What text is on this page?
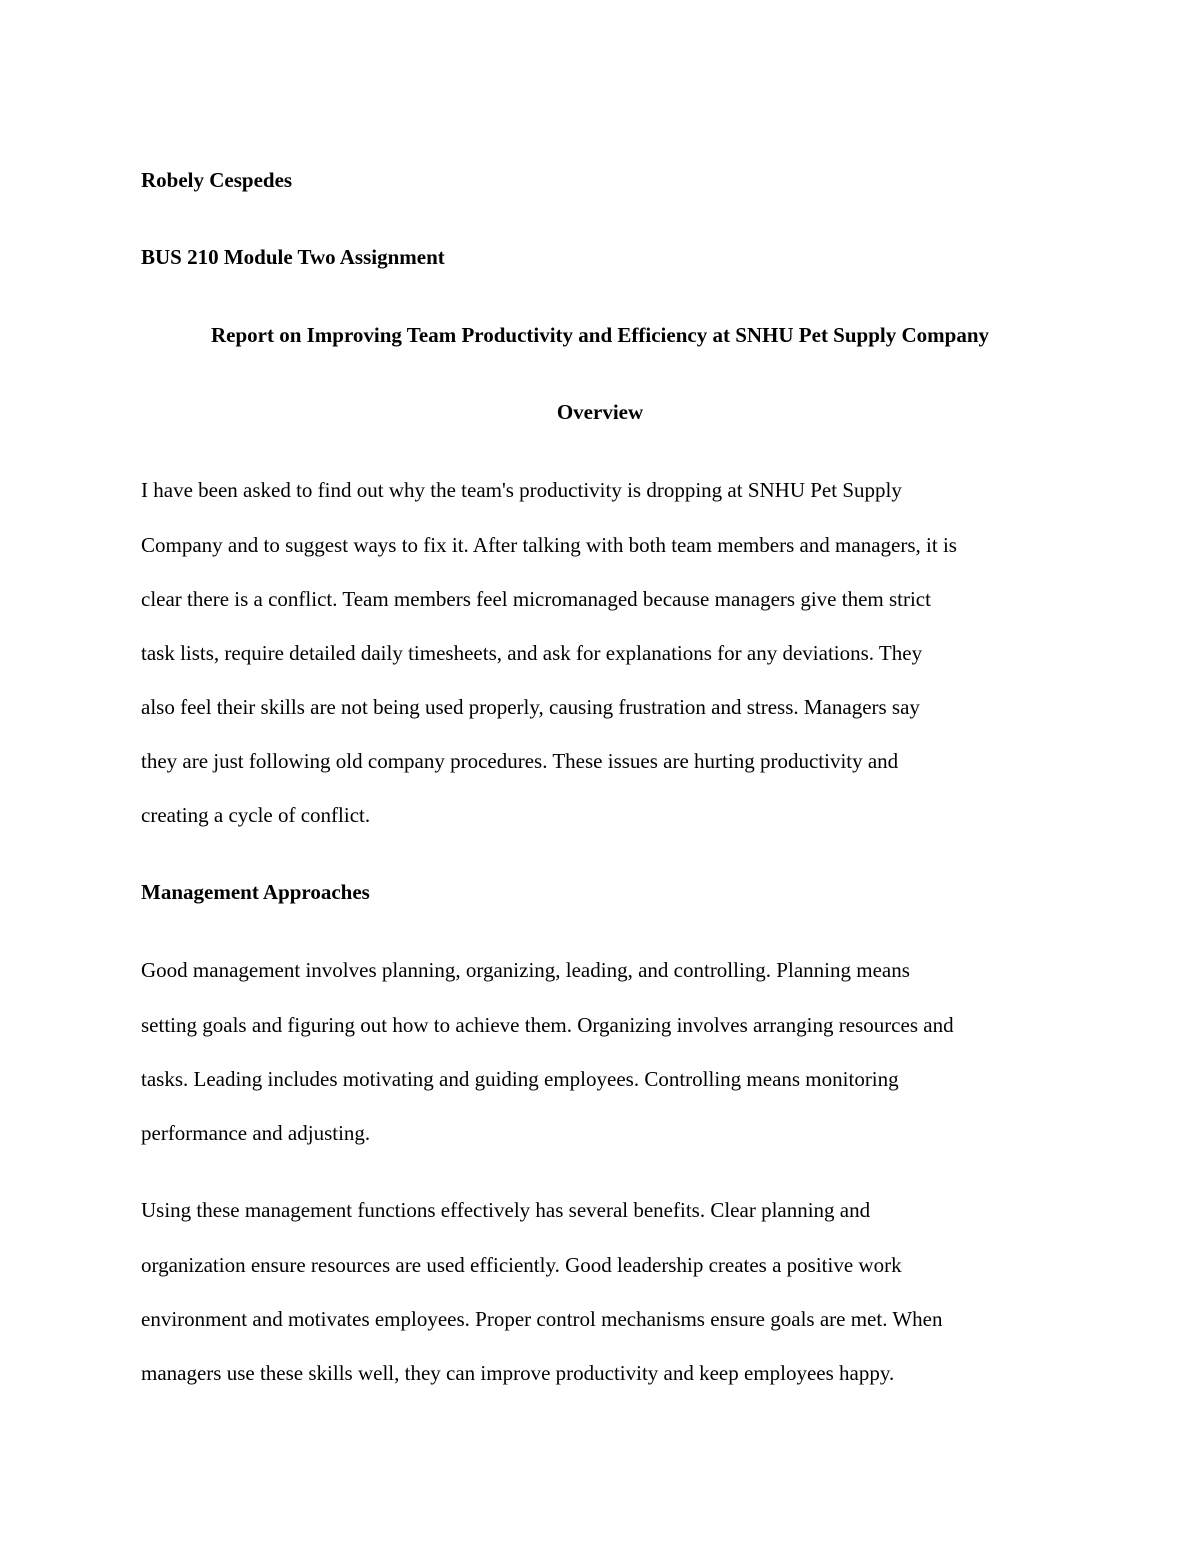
Robely Cespedes
BUS 210 Module Two Assignment
Report on Improving Team Productivity and Efficiency at SNHU Pet Supply Company
Overview
I have been asked to find out why the team's productivity is dropping at SNHU Pet Supply
Company and to suggest ways to fix it. After talking with both team members and managers, it is
clear there is a conflict. Team members feel micromanaged because managers give them strict
task lists, require detailed daily timesheets, and ask for explanations for any deviations. They
also feel their skills are not being used properly, causing frustration and stress. Managers say
they are just following old company procedures. These issues are hurting productivity and
creating a cycle of conflict.
Management Approaches
Good management involves planning, organizing, leading, and controlling. Planning means
setting goals and figuring out how to achieve them. Organizing involves arranging resources and
tasks. Leading includes motivating and guiding employees. Controlling means monitoring
performance and adjusting.
Using these management functions effectively has several benefits. Clear planning and
organization ensure resources are used efficiently. Good leadership creates a positive work
environment and motivates employees. Proper control mechanisms ensure goals are met. When
managers use these skills well, they can improve productivity and keep employees happy.
